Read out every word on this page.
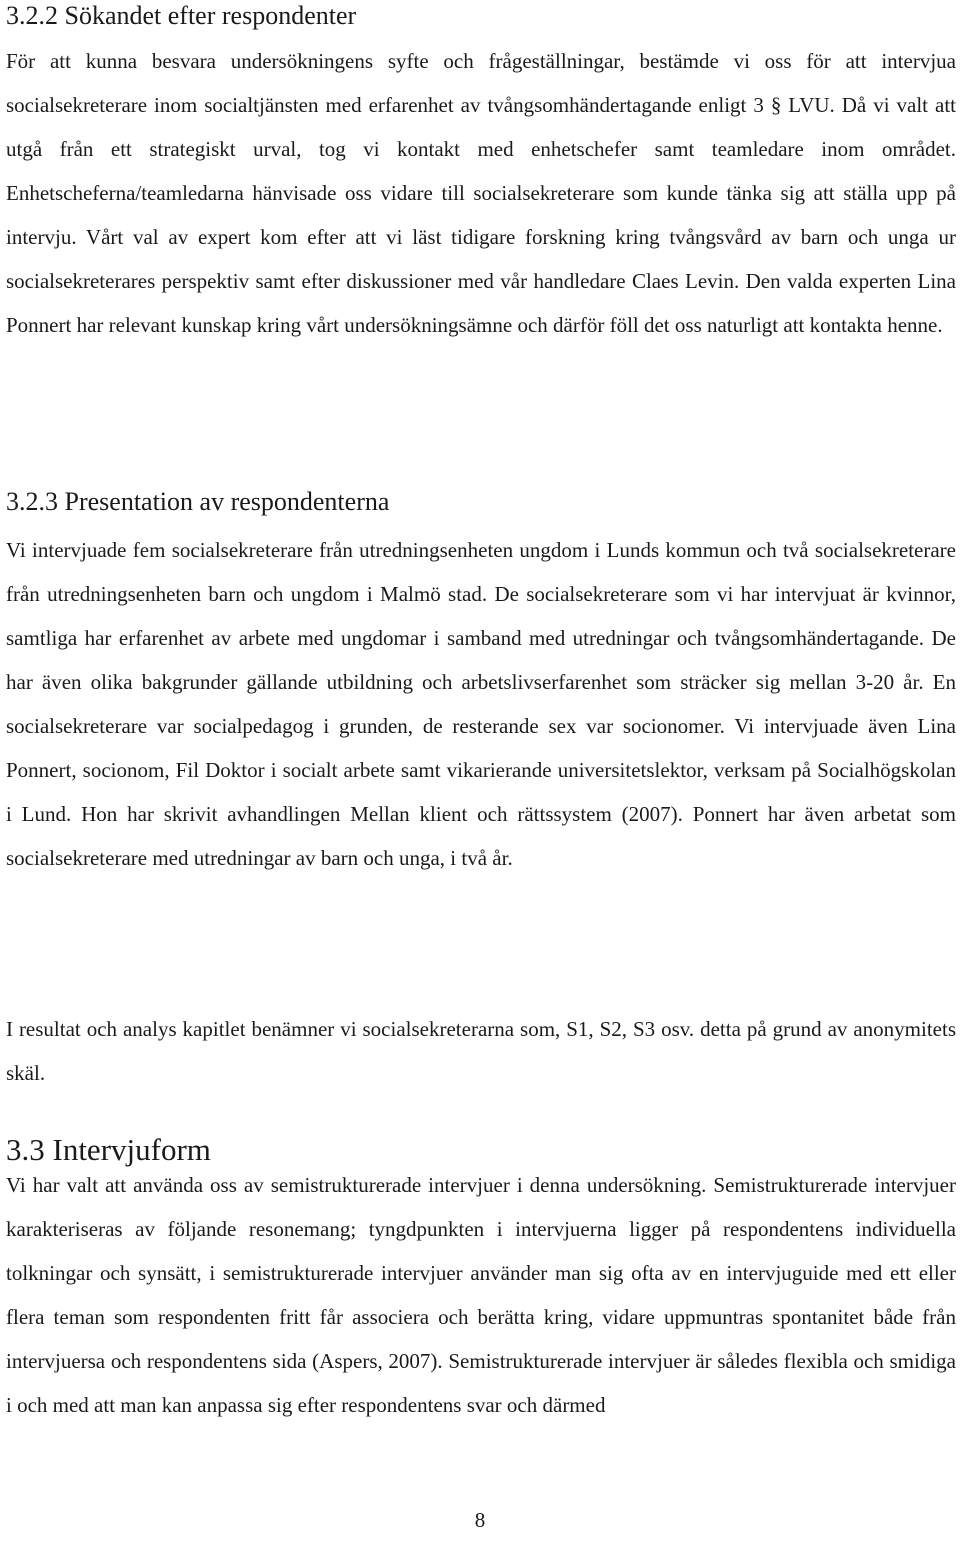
3.2.2 Sökandet efter respondenter

För att kunna besvara undersökningens syfte och frågeställningar, bestämde vi oss för att intervjua socialsekreterare inom socialtjänsten med erfarenhet av tvångsomhändertagande enligt 3 § LVU. Då vi valt att utgå från ett strategiskt urval, tog vi kontakt med enhetschefer samt teamledare inom området. Enhetscheferna/teamledarna hänvisade oss vidare till socialsekreterare som kunde tänka sig att ställa upp på intervju. Vårt val av expert kom efter att vi läst tidigare forskning kring tvångsvård av barn och unga ur socialsekreterares perspektiv samt efter diskussioner med vår handledare Claes Levin. Den valda experten Lina Ponnert har relevant kunskap kring vårt undersökningsämne och därför föll det oss naturligt att kontakta henne.

3.2.3 Presentation av respondenterna

Vi intervjuade fem socialsekreterare från utredningsenheten ungdom i Lunds kommun och två socialsekreterare från utredningsenheten barn och ungdom i Malmö stad. De socialsekreterare som vi har intervjuat är kvinnor, samtliga har erfarenhet av arbete med ungdomar i samband med utredningar och tvångsomhändertagande. De har även olika bakgrunder gällande utbildning och arbetslivserfarenhet som sträcker sig mellan 3-20 år. En socialsekreterare var socialpedagog i grunden, de resterande sex var socionomer. Vi intervjuade även Lina Ponnert, socionom, Fil Doktor i socialt arbete samt vikarierande universitetslektor, verksam på Socialhögskolan i Lund. Hon har skrivit avhandlingen Mellan klient och rättssystem (2007). Ponnert har även arbetat som socialsekreterare med utredningar av barn och unga, i två år.

I resultat och analys kapitlet benämner vi socialsekreterarna som, S1, S2, S3 osv. detta på grund av anonymitets skäl.

3.3 Intervjuform

Vi har valt att använda oss av semistrukturerade intervjuer i denna undersökning. Semistrukturerade intervjuer karakteriseras av följande resonemang; tyngdpunkten i intervjuerna ligger på respondentens individuella tolkningar och synsätt, i semistrukturerade intervjuer använder man sig ofta av en intervjuguide med ett eller flera teman som respondenten fritt får associera och berätta kring, vidare uppmuntras spontanitet både från intervjuersa och respondentens sida (Aspers, 2007). Semistrukturerade intervjuer är således flexibla och smidiga i och med att man kan anpassa sig efter respondentens svar och därmed

8
